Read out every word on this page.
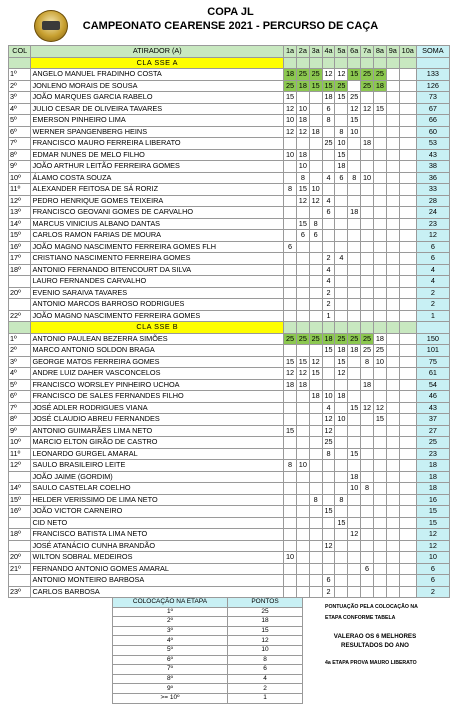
COPA JL
CAMPEONATO CEARENSE 2021 - PERCURSO DE CAÇA
COL	ATIRADOR (A)	1a	2a	3a	4a	5a	6a	7a	8a	9a	10a	SOMA
	CLA SSE A											
1º	ANGELO MANUEL FRADINHO COSTA	18	25	25	12	12	15	25	25			133
2º	JONLENO MORAIS DE SOUSA	25	18	15	15	25		25	18			126
3º	JOÃO MARQUES GARCIA RABELO	15			18	15	25					73
4º	JULIO CESAR DE OLIVEIRA TAVARES	12	10		6		12	12	15			67
5º	EMERSON PINHEIRO LIMA	10	18		8		15					66
6º	WERNER SPANGENBERG HEINS	12	12	18		8	10					60
7º	FRANCISCO MAURO FERREIRA LIBERATO				25	10		18				53
8º	EDMAR NUNES DE MELO FILHO	10	18			15						43
9º	JOÃO ARTHUR LEITÃO FERREIRA GOMES		10			18						38
10º	ÁLAMO COSTA SOUZA		8		4	6	8	10				36
11º	ALEXANDER FEITOSA DE SÁ RORIZ	8	15	10								33
12º	PEDRO HENRIQUE GOMES TEIXEIRA		12	12	4							28
13º	FRANCISCO GEOVANI GOMES DE CARVALHO				6		18					24
14º	MARCUS VINICIUS ALBANO DANTAS		15	8								23
15º	CARLOS RAMON FARIAS DE MOURA		6	6								12
16º	JOÃO MAGNO NASCIMENTO FERREIRA GOMES FLH	6										6
17º	CRISTIANO NASCIMENTO FERREIRA GOMES				2	4						6
18º	ANTONIO FERNANDO BITENCOURT DA SILVA				4							4
	LAURO FERNANDES CARVALHO				4							4
20º	EVENIO SARAIVA TAVARES				2							2
	ANTONIO MARCOS BARROSO RODRIGUES				2							2
22º	JOÃO MAGNO NASCIMENTO FERREIRA GOMES				1							1
	CLA SSE B											
1º	ANTONIO PAULEAN BEZERRA SIMÕES	25	25	25	18	25	25	25	18			150
2º	MARCO ANTONIO SOLDON BRAGA				15	18	18	25	25			101
3º	GEORGE MATOS FERREIRA GOMES	15	15	12		15		8	10			75
4º	ANDRE LUIZ DAHER VASCONCELOS	12	12	15		12						61
5º	FRANCISCO WORSLEY PINHEIRO UCHOA	18	18					18				54
6º	FRANCISCO DE SALES FERNANDES FILHO			18	10	18						46
7º	JOSÉ ADLER RODRIGUES VIANA				4		15	12	12			43
8º	JOSÉ CLAUDIO ABREU FERNANDES				12	10			15			37
9º	ANTONIO GUIMARÃES LIMA NETO	15			12							27
10º	MARCIO ELTON GIRÃO DE CASTRO				25							25
11º	LEONARDO GURGEL AMARAL				8		15					23
12º	SAULO BRASILEIRO LEITE	8	10									18
	JOÃO JAIME (GORDIM)						18					18
14º	SAULO CASTELAR COELHO						10	8				18
15º	HELDER VERISSIMO DE LIMA NETO			8		8						16
16º	JOÃO VICTOR CARNEIRO				15							15
	CID NETO					15						15
18º	FRANCISCO BATISTA LIMA NETO						12					12
	JOSÉ ATANÁCIO CUNHA BRANDÃO				12							12
20º	WILTON SOBRAL MEDEIROS	10										10
21º	FERNANDO ANTONIO GOMES AMARAL							6				6
	ANTONIO MONTEIRO BARBOSA				6							6
23º	CARLOS BARBOSA				2							2
COLOCAÇÃO NA ETAPA	PONTOS
1º	25
2º	18
3º	15
4º	12
5º	10
6º	8
7º	6
8º	4
9º	2
>= 10º	1
PONTUAÇÃO PELA COLOCAÇÃO NA
ETAPA CONFORME TABELA
VALERAO OS 6 MELHORES
RESULTADOS DO ANO
4a ETAPA PROVA MAURO LIBERATO
